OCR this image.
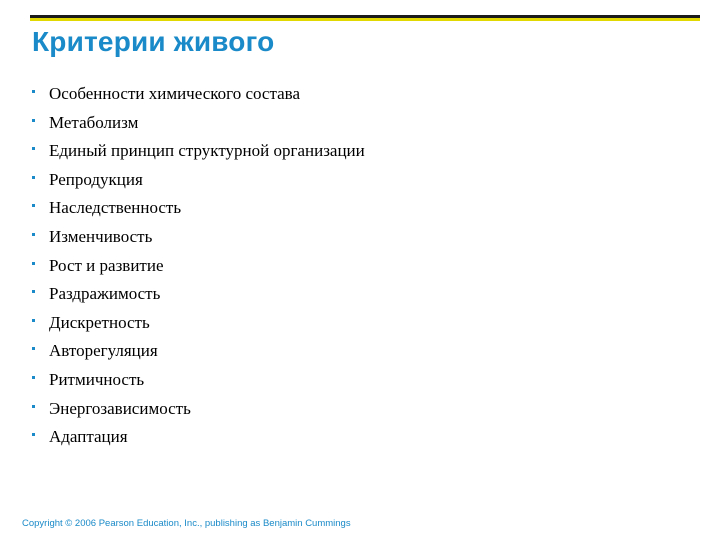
Критерии живого
Особенности химического состава
Метаболизм
Единый принцип структурной организации
Репродукция
Наследственность
Изменчивость
Рост и развитие
Раздражимость
Дискретность
Авторегуляция
Ритмичность
Энергозависимость
Адаптация
Copyright © 2006 Pearson Education, Inc., publishing as Benjamin Cummings
